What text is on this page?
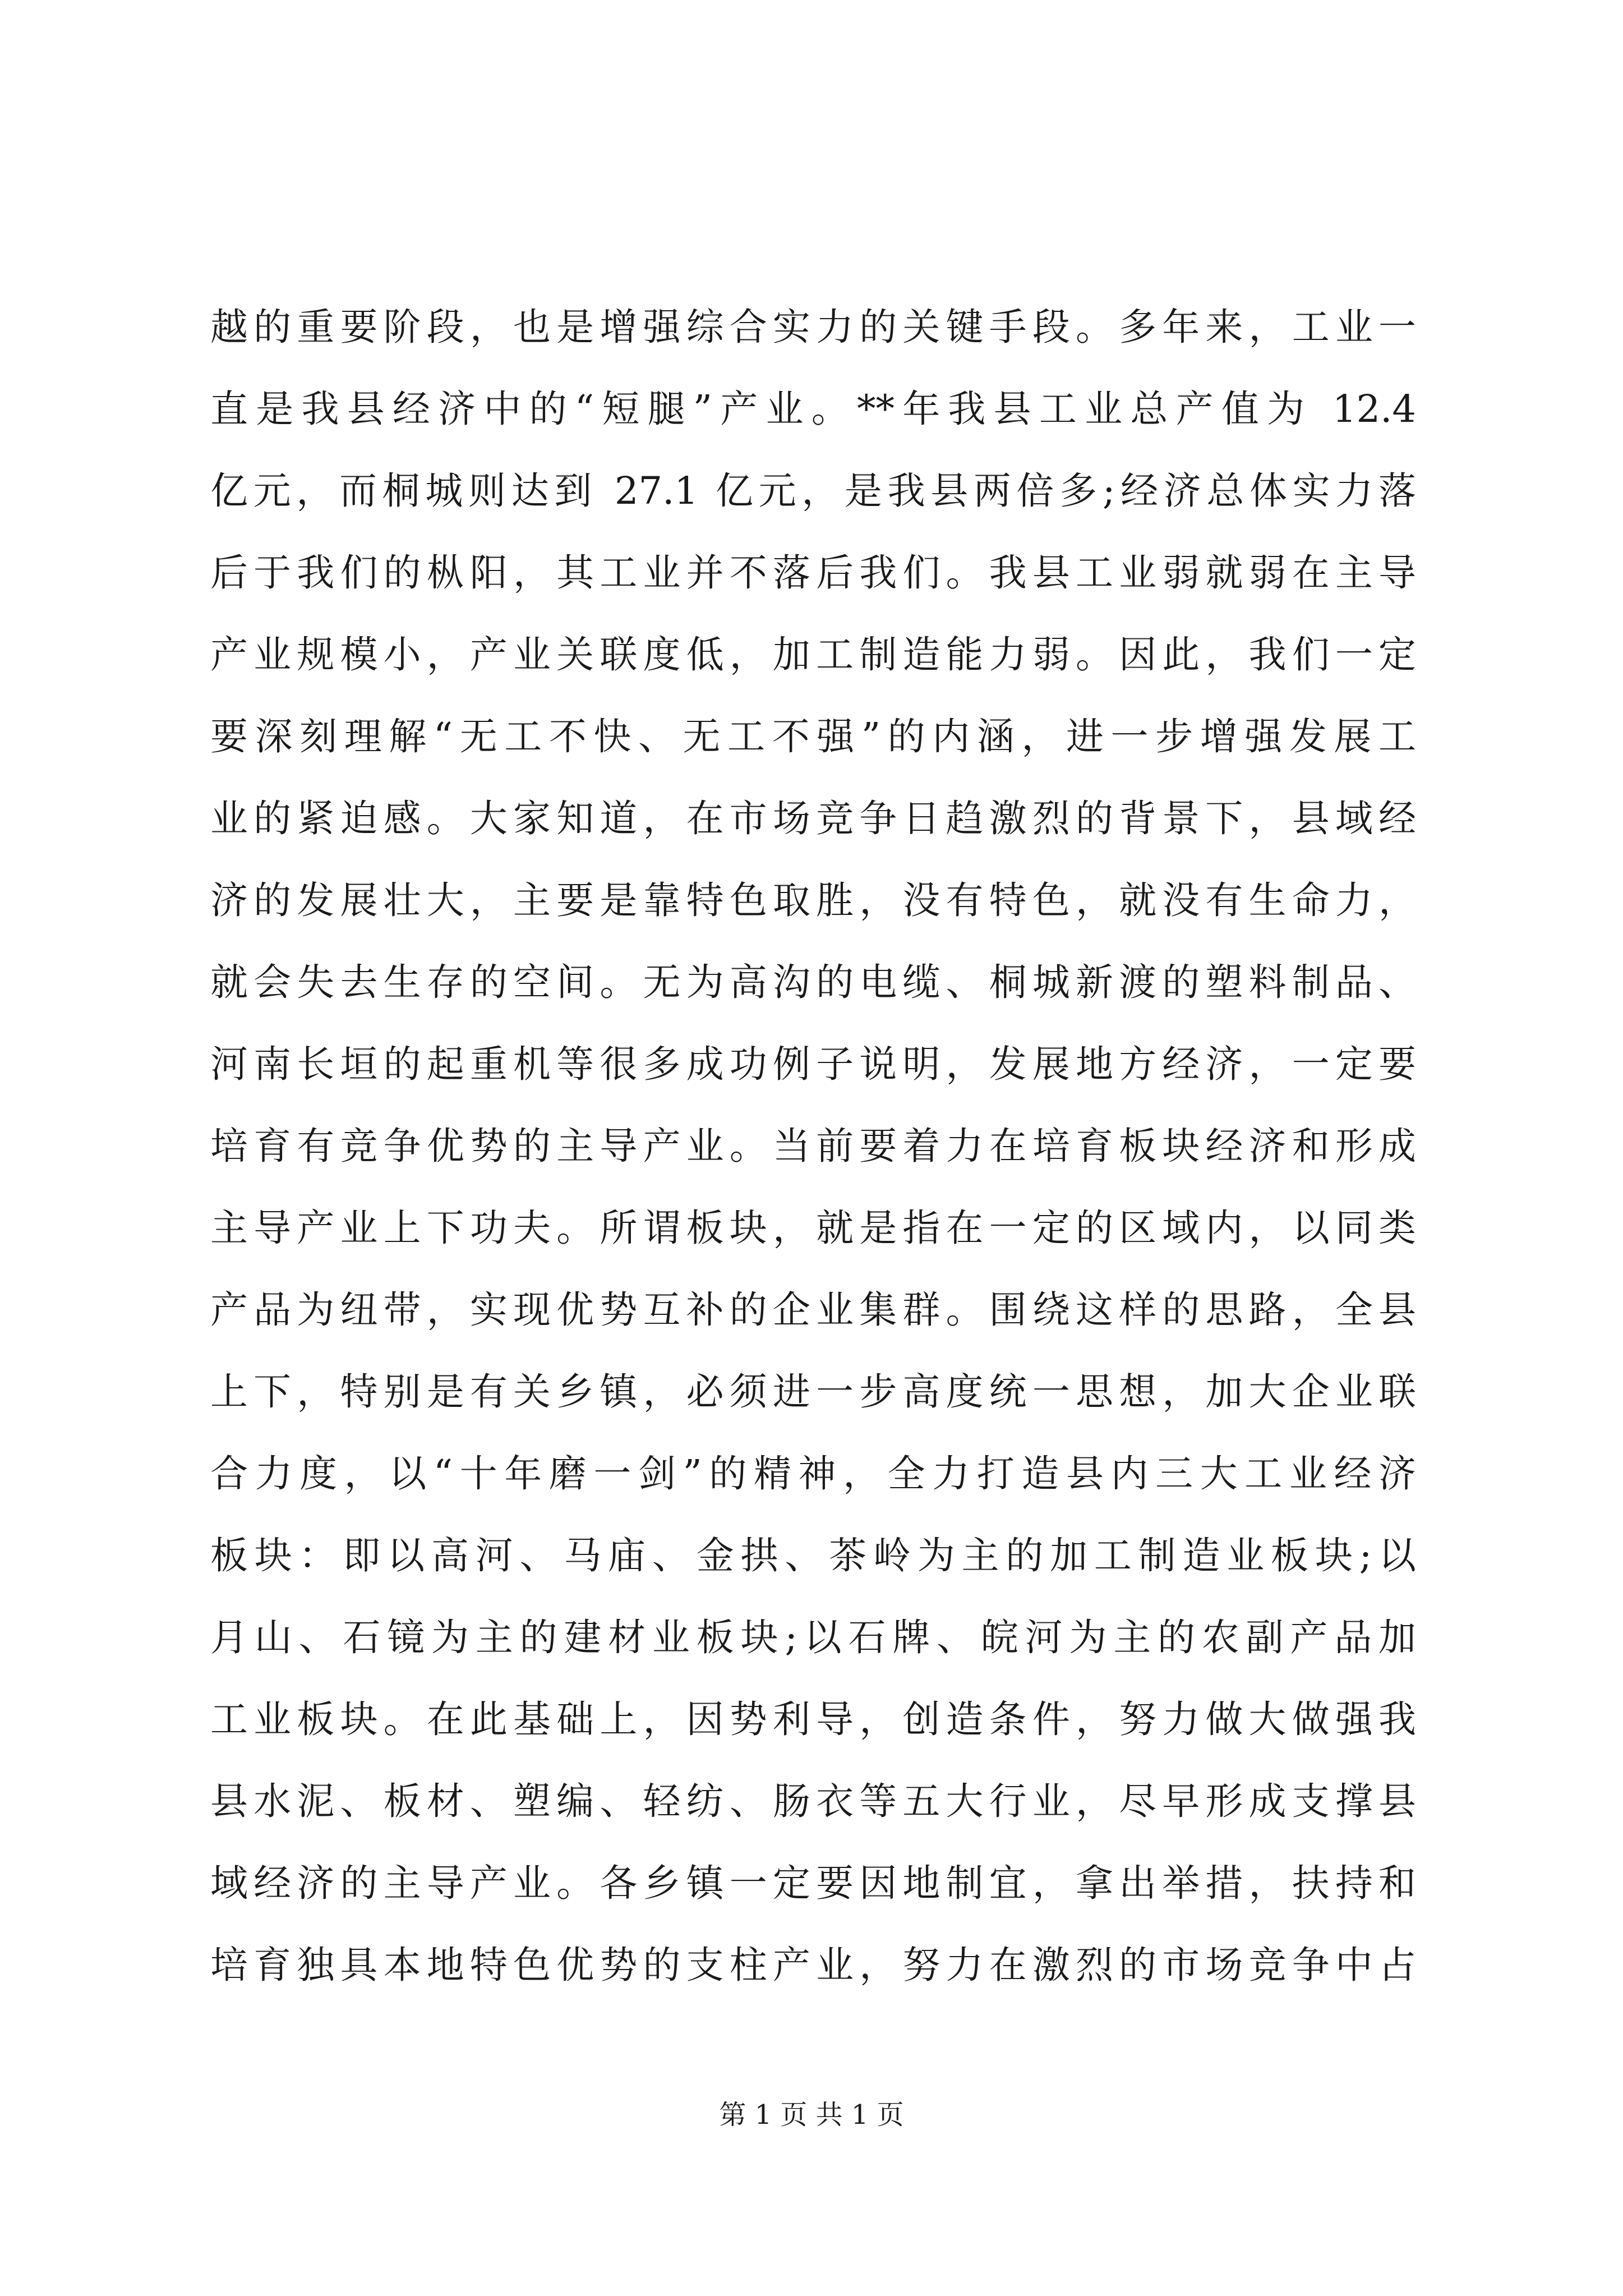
越的重要阶段，也是增强综合实力的关键手段。多年来，工业一
直是我县经济中的“短腿”产业。**年我县工业总产值为 12.4
亿元，而桐城则达到 27.1 亿元，是我县两倍多;经济总体实力落
后于我们的枞阳，其工业并不落后我们。我县工业弱就弱在主导
产业规模小，产业关联度低，加工制造能力弱。因此，我们一定
要深刻理解“无工不快、无工不强”的内涵，进一步增强发展工
业的紧迫感。大家知道，在市场竞争日趋激烈的背景下，县域经
济的发展壮大，主要是靠特色取胜，没有特色，就没有生命力，
就会失去生存的空间。无为高沟的电缆、桐城新渡的塑料制品、
河南长垣的起重机等很多成功例子说明，发展地方经济，一定要
培育有竞争优势的主导产业。当前要着力在培育板块经济和形成
主导产业上下功夫。所谓板块，就是指在一定的区域内，以同类
产品为纽带，实现优势互补的企业集群。围绕这样的思路，全县
上下，特别是有关乡镇，必须进一步高度统一思想，加大企业联
合力度，以“十年磨一剑”的精神，全力打造县内三大工业经济
板块：即以高河、马庙、金拱、茶岭为主的加工制造业板块;以
月山、石镜为主的建材业板块;以石牌、皖河为主的农副产品加
工业板块。在此基础上，因势利导，创造条件，努力做大做强我
县水泥、板材、塑编、轻纺、肠衣等五大行业，尽早形成支撑县
域经济的主导产业。各乡镇一定要因地制宜，拿出举措，扶持和
培育独具本地特色优势的支柱产业，努力在激烈的市场竞争中占
第 1 页 共 1 页
